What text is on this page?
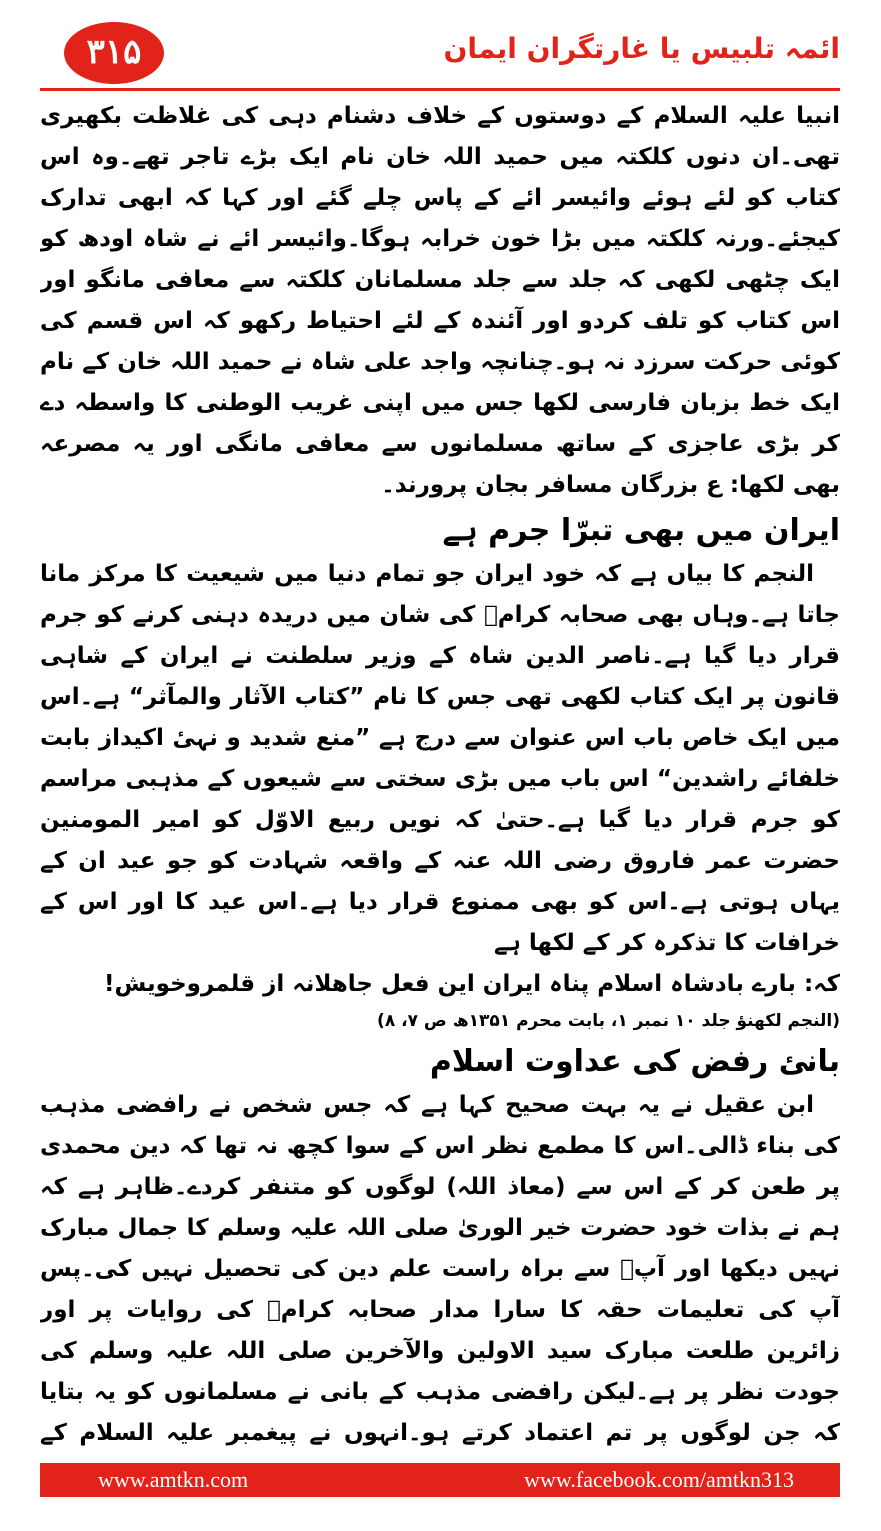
۳۱۵	ائمہ تلبیس یا غارتگران ایمان

انبیا علیہ السلام کے دوستوں کے خلاف دشنام دہی کی غلاظت بکھیری تھی۔ان دنوں کلکتہ میں حمید اللہ خان نام ایک بڑے تاجر تھے۔وہ اس کتاب کو لئے ہوئے وائیسر ائے کے پاس چلے گئے اور کہا کہ ابھی تدارک کیجئے۔ورنہ کلکتہ میں بڑا خون خرابہ ہوگا۔وائیسر ائے نے شاہ اودھ کو ایک چٹھی لکھی کہ جلد سے جلد مسلمانان کلکتہ سے معافی مانگو اور اس کتاب کو تلف کردو اور آئندہ کے لئے احتیاط رکھو کہ اس قسم کی کوئی حرکت سرزد نہ ہو۔چنانچہ واجد علی شاہ نے حمید اللہ خان کے نام ایک خط بزبان فارسی لکھا جس میں اپنی غریب الوطنی کا واسطہ دے کر بڑی عاجزی کے ساتھ مسلمانوں سے معافی مانگی اور یہ مصرعہ بھی لکھا: ع بزرگان مسافر بجان پرورند۔

ایران میں بھی تبرّا جرم ہے

النجم کا بیاں ہے کہ خود ایران جو تمام دنیا میں شیعیت کا مرکز مانا جاتا ہے۔وہاں بھی صحابہ کرامؓ کی شان میں دریدہ دہنی کرنے کو جرم قرار دیا گیا ہے۔ناصر الدین شاہ کے وزیر سلطنت نے ایران کے شاہی قانون پر ایک کتاب لکھی تھی جس کا نام ”کتاب الآثار والمآثر“ ہے۔اس میں ایک خاص باب اس عنوان سے درج ہے ”منع شدید و نہیٔ اکیداز بابت خلفائے راشدین“ اس باب میں بڑی سختی سے شیعوں کے مذہبی مراسم کو جرم قرار دیا گیا ہے۔حتیٰ کہ نویں ربیع الاوّل کو امیر المومنین حضرت عمر فاروق رضی اللہ عنہ کے واقعہ شہادت کو جو عید ان کے یہاں ہوتی ہے۔اس کو بھی ممنوع قرار دیا ہے۔اس عید کا اور اس کے خرافات کا تذکرہ کر کے لکھا ہے

کہ: بارے بادشاہ اسلام پناہ ایران این فعل جاھلانہ از قلمروخویش!
(النجم لکھنؤ جلد ۱۰ نمبر ۱، بابت محرم ۱۳۵۱ھ ص ۷، ۸)
بانئ رفض کی عداوت اسلام

ابن عقیل نے یہ بہت صحیح کہا ہے کہ جس شخص نے رافضی مذہب کی بناء ڈالی۔اس کا مطمع نظر اس کے سوا کچھ نہ تھا کہ دین محمدی پر طعن کر کے اس سے (معاذ اللہ) لوگوں کو متنفر کردے۔ظاہر ہے کہ ہم نے بذات خود حضرت خیر الوریٰ صلی اللہ علیہ وسلم کا جمال مبارک نہیں دیکھا اور آپؐ سے براہ راست علم دین کی تحصیل نہیں کی۔پس آپ کی تعلیمات حقہ کا سارا مدار صحابہ کرامؓ کی روایات پر اور زائرین طلعت مبارک سید الاولین والآخرین صلی اللہ علیہ وسلم کی جودت نظر پر ہے۔لیکن رافضی مذہب کے بانی نے مسلمانوں کو یہ بتایا کہ جن لوگوں پر تم اعتماد کرتے ہو۔انہوں نے پیغمبر علیہ السلام کے

www.amtkn.com	www.facebook.com/amtkn313
